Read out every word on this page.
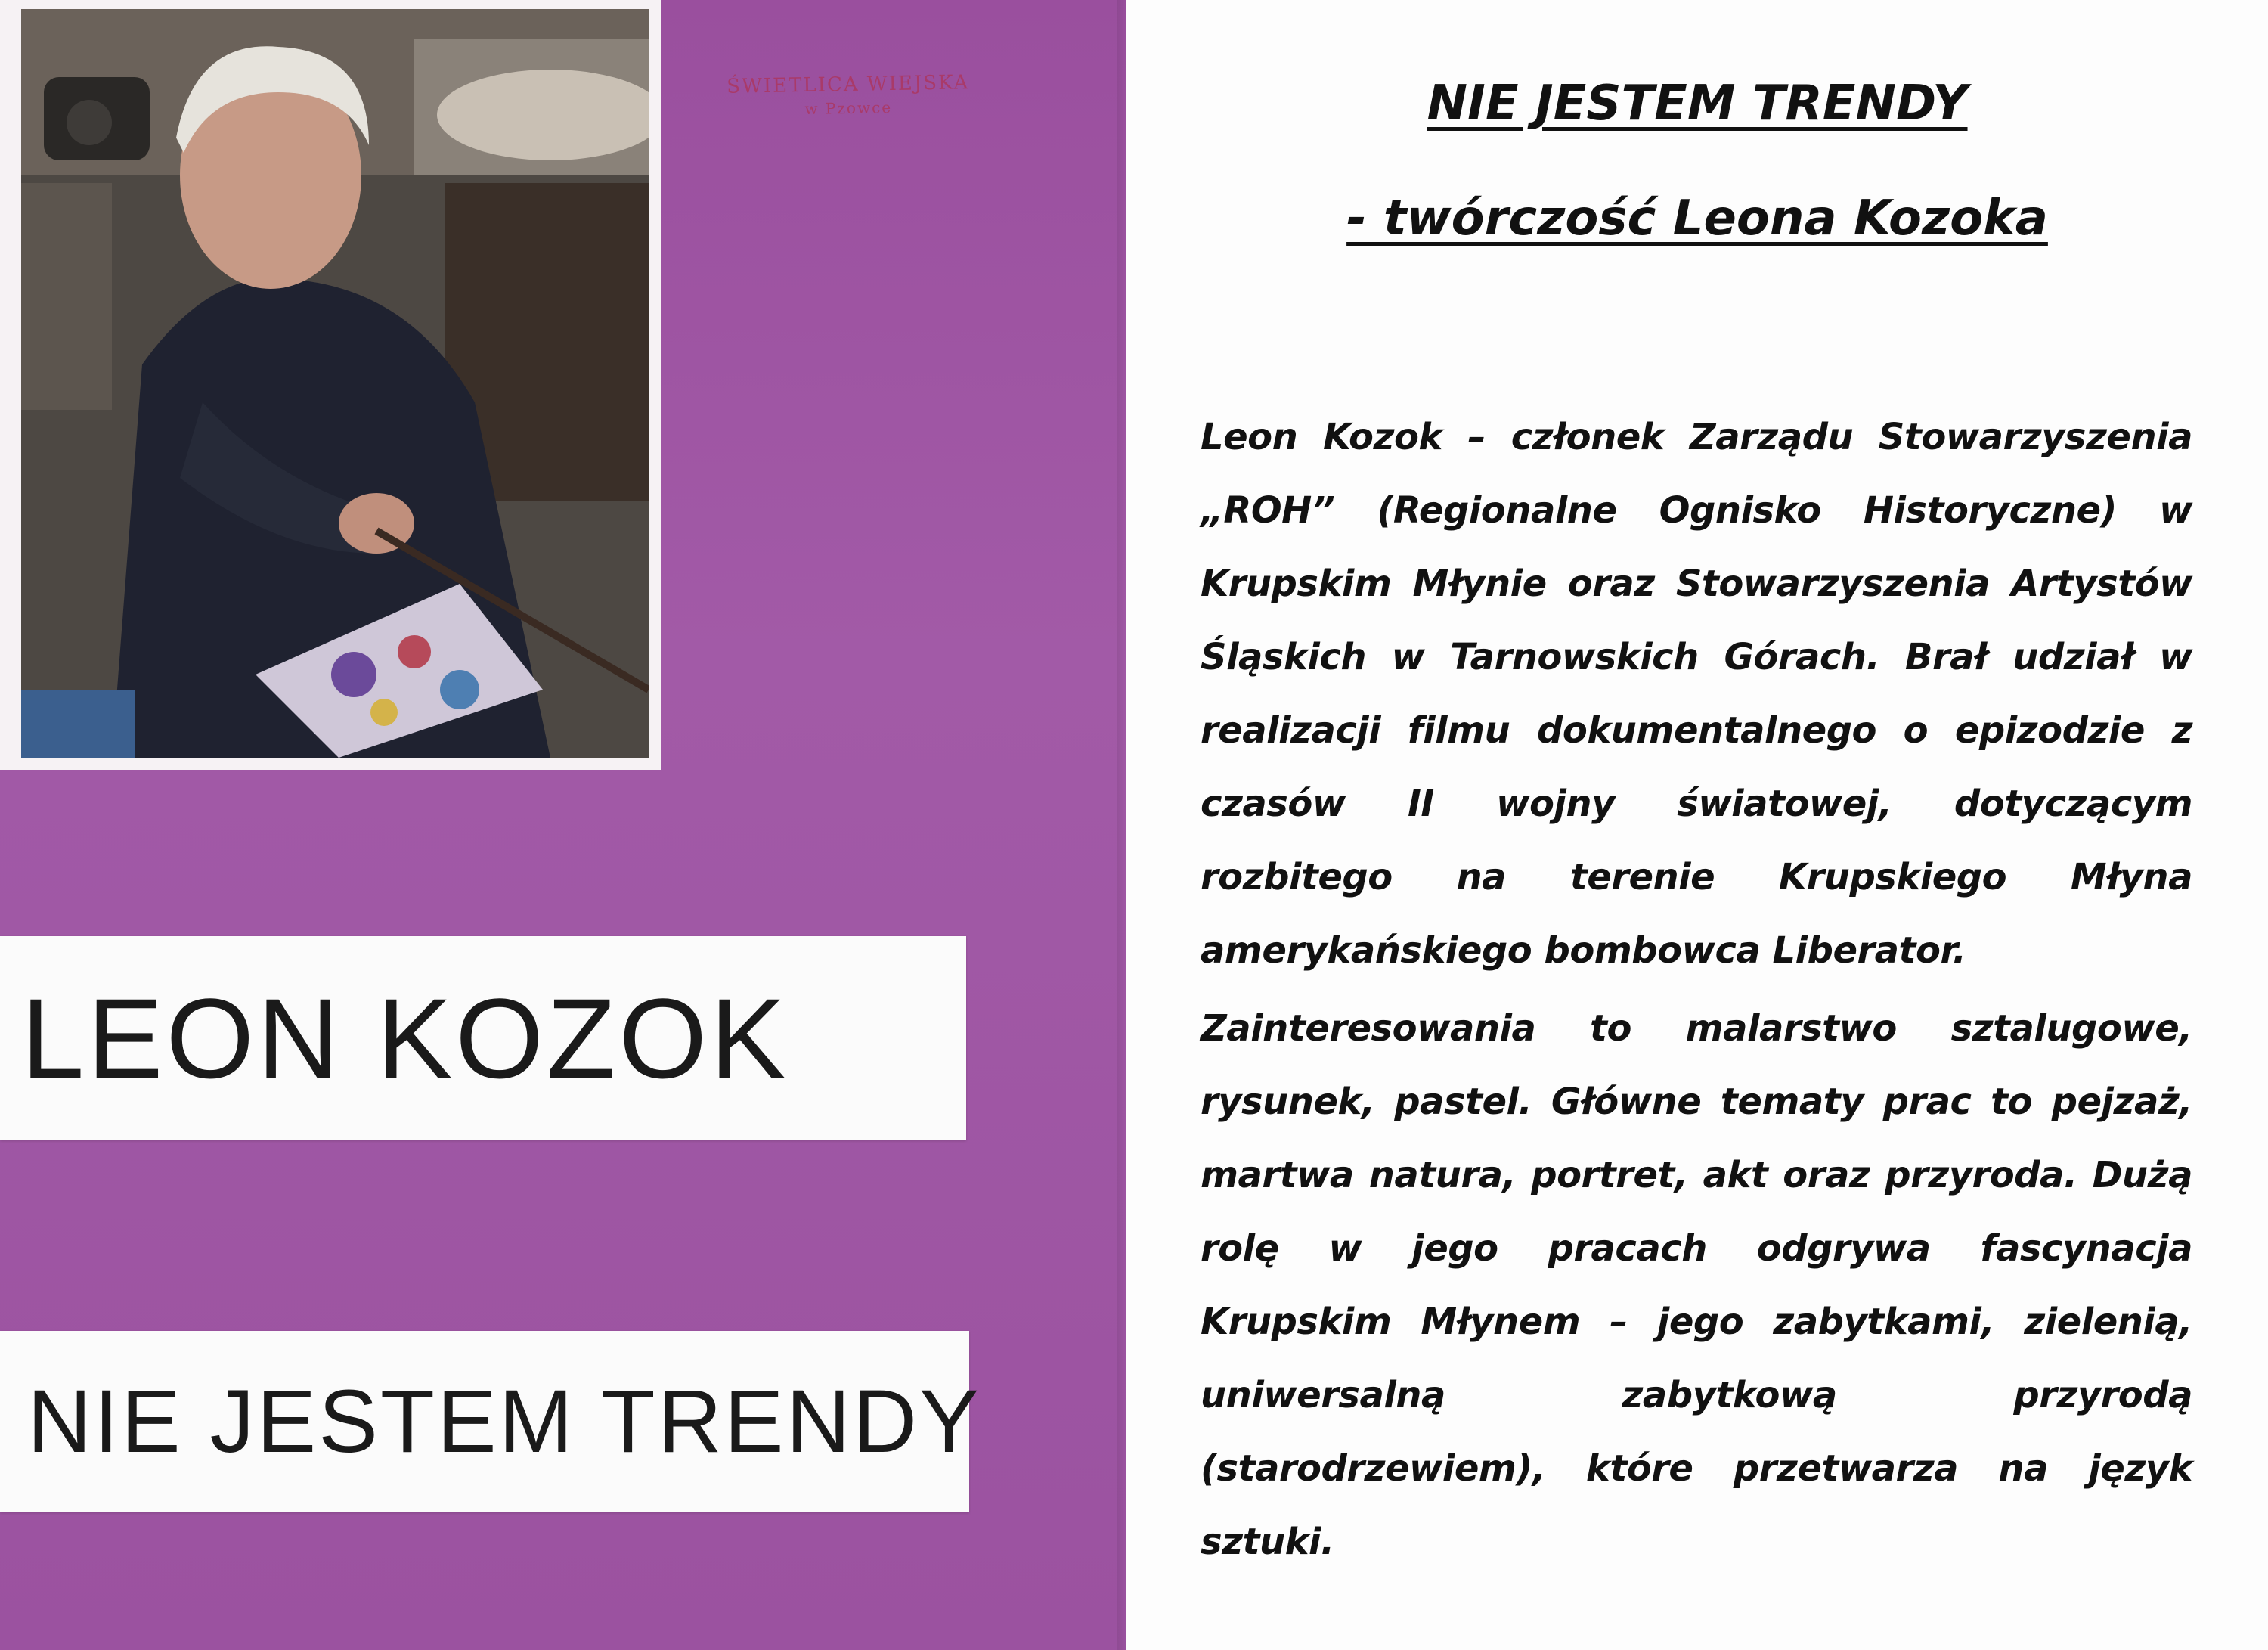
ŚWIETLICA WIEJSKA
w Pzowce
LEON KOZOK
NIE JESTEM TRENDY
NIE JESTEM TRENDY
- twórczość Leona Kozoka

Leon Kozok – członek Zarządu Stowarzyszenia „ROH” (Regionalne Ognisko Historyczne) w Krupskim Młynie oraz Stowarzyszenia Artystów Śląskich w Tarnowskich Górach. Brał udział w realizacji filmu dokumentalnego o epizodzie z czasów II wojny światowej, dotyczącym rozbitego na terenie Krupskiego Młyna amerykańskiego bombowca Liberator.

Zainteresowania to malarstwo sztalugowe, rysunek, pastel. Główne tematy prac to pejzaż, martwa natura, portret, akt oraz przyroda. Dużą rolę w jego pracach odgrywa fascynacja Krupskim Młynem – jego zabytkami, zielenią, uniwersalną zabytkową przyrodą (starodrzewiem), które przetwarza na język sztuki.
